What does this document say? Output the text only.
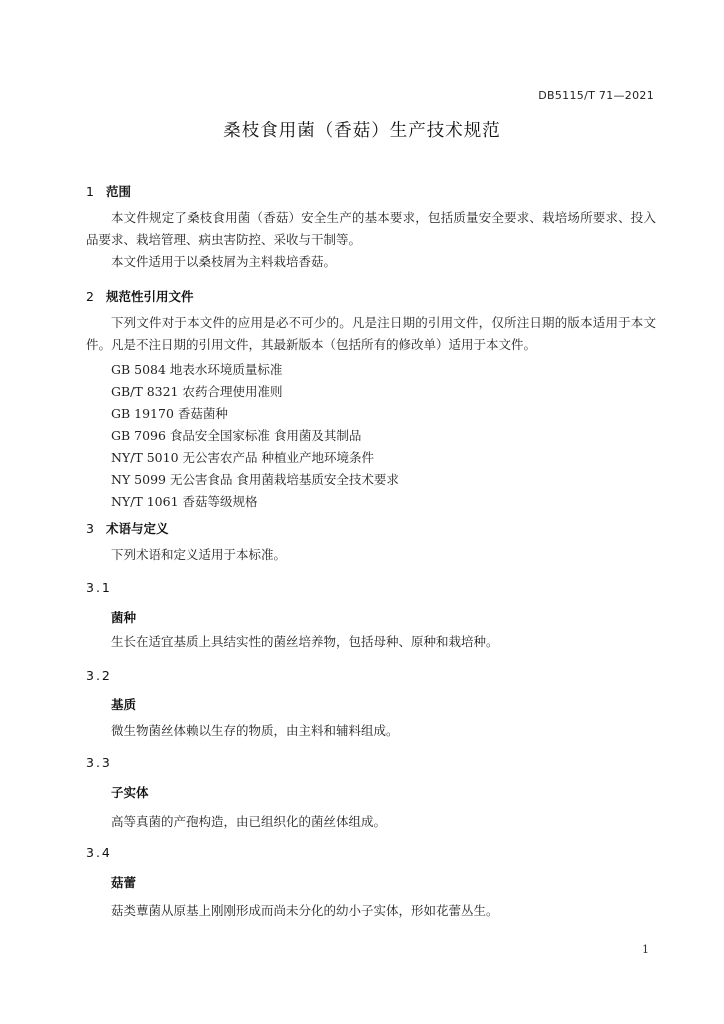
DB5115/T 71—2021
桑枝食用菌（香菇）生产技术规范
1 范围
本文件规定了桑枝食用菌（香菇）安全生产的基本要求，包括质量安全要求、栽培场所要求、投入品要求、栽培管理、病虫害防控、采收与干制等。
本文件适用于以桑枝屑为主料栽培香菇。
2 规范性引用文件
下列文件对于本文件的应用是必不可少的。凡是注日期的引用文件，仅所注日期的版本适用于本文件。凡是不注日期的引用文件，其最新版本（包括所有的修改单）适用于本文件。
GB 5084 地表水环境质量标准
GB/T 8321 农药合理使用准则
GB 19170 香菇菌种
GB 7096 食品安全国家标准 食用菌及其制品
NY/T 5010 无公害农产品 种植业产地环境条件
NY 5099 无公害食品 食用菌栽培基质安全技术要求
NY/T 1061 香菇等级规格
3 术语与定义
下列术语和定义适用于本标准。
3.1
菌种
生长在适宜基质上具结实性的菌丝培养物，包括母种、原种和栽培种。
3.2
基质
微生物菌丝体赖以生存的物质，由主料和辅料组成。
3.3
子实体
高等真菌的产孢构造，由已组织化的菌丝体组成。
3.4
菇蕾
菇类蕈菌从原基上刚刚形成而尚未分化的幼小子实体，形如花蕾丛生。
1
